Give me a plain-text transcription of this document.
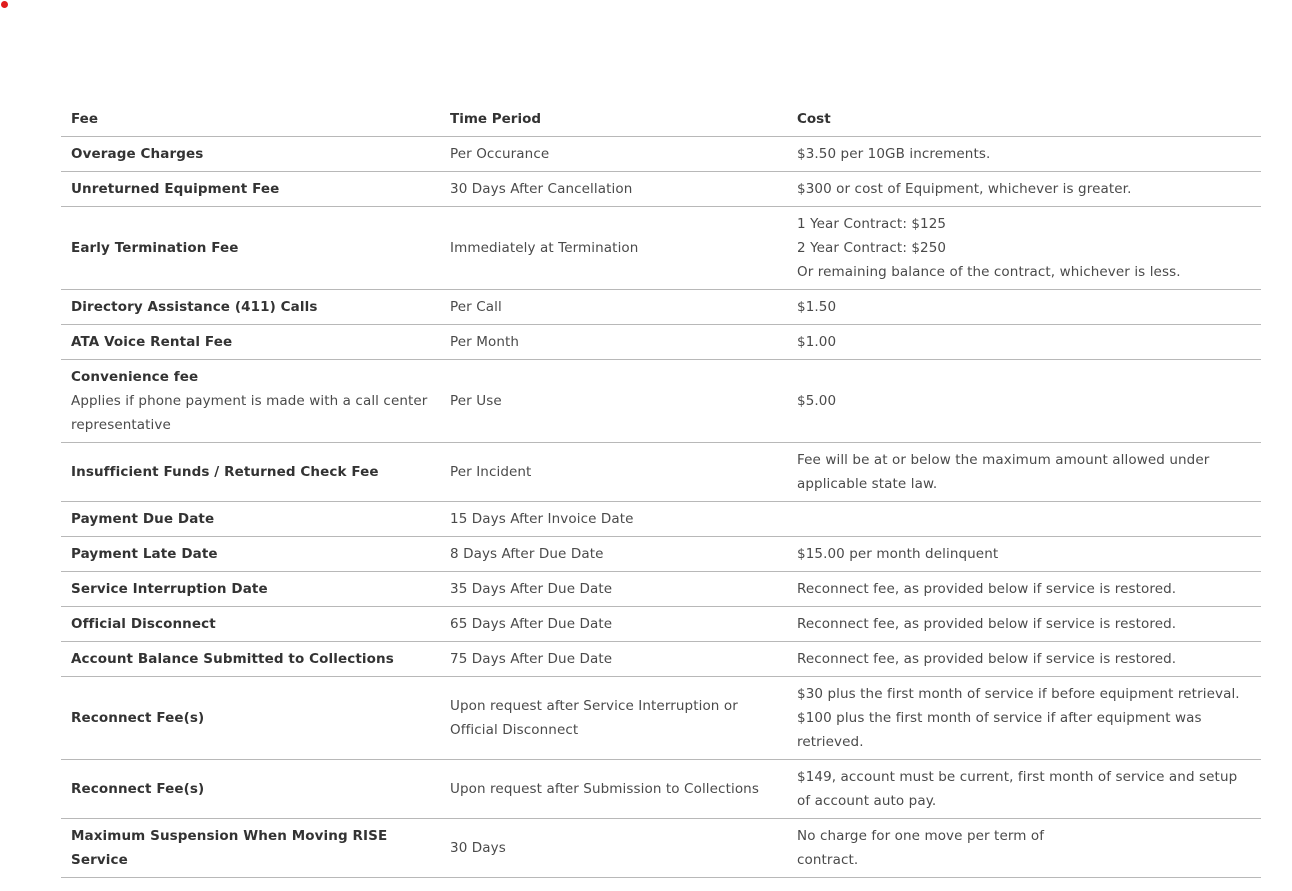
Fee	Time Period	Cost

Overage Charges	Per Occurance	$3.50 per 10GB increments.

Unreturned Equipment Fee	30 Days After Cancellation	$300 or cost of Equipment, whichever is greater.

Early Termination Fee	Immediately at Termination	1 Year Contract: $125
2 Year Contract: $250
Or remaining balance of the contract, whichever is less.

Directory Assistance (411) Calls	Per Call	$1.50

ATA Voice Rental Fee	Per Month	$1.00

Convenience fee
Applies if phone payment is made with a call center representative	Per Use	$5.00

Insufficient Funds / Returned Check Fee	Per Incident	Fee will be at or below the maximum amount allowed under applicable state law.

Payment Due Date	15 Days After Invoice Date	

Payment Late Date	8 Days After Due Date	$15.00 per month delinquent

Service Interruption Date	35 Days After Due Date	Reconnect fee, as provided below if service is restored.

Official Disconnect	65 Days After Due Date	Reconnect fee, as provided below if service is restored.

Account Balance Submitted to Collections	75 Days After Due Date	Reconnect fee, as provided below if service is restored.

Reconnect Fee(s)	Upon request after Service Interruption or Official Disconnect	$30 plus the first month of service if before equipment retrieval.
$100 plus the first month of service if after equipment was retrieved.

Reconnect Fee(s)	Upon request after Submission to Collections	$149, account must be current, first month of service and setup of account auto pay.

Maximum Suspension When Moving RISE Service	30 Days	No charge for one move per term of
contract.
